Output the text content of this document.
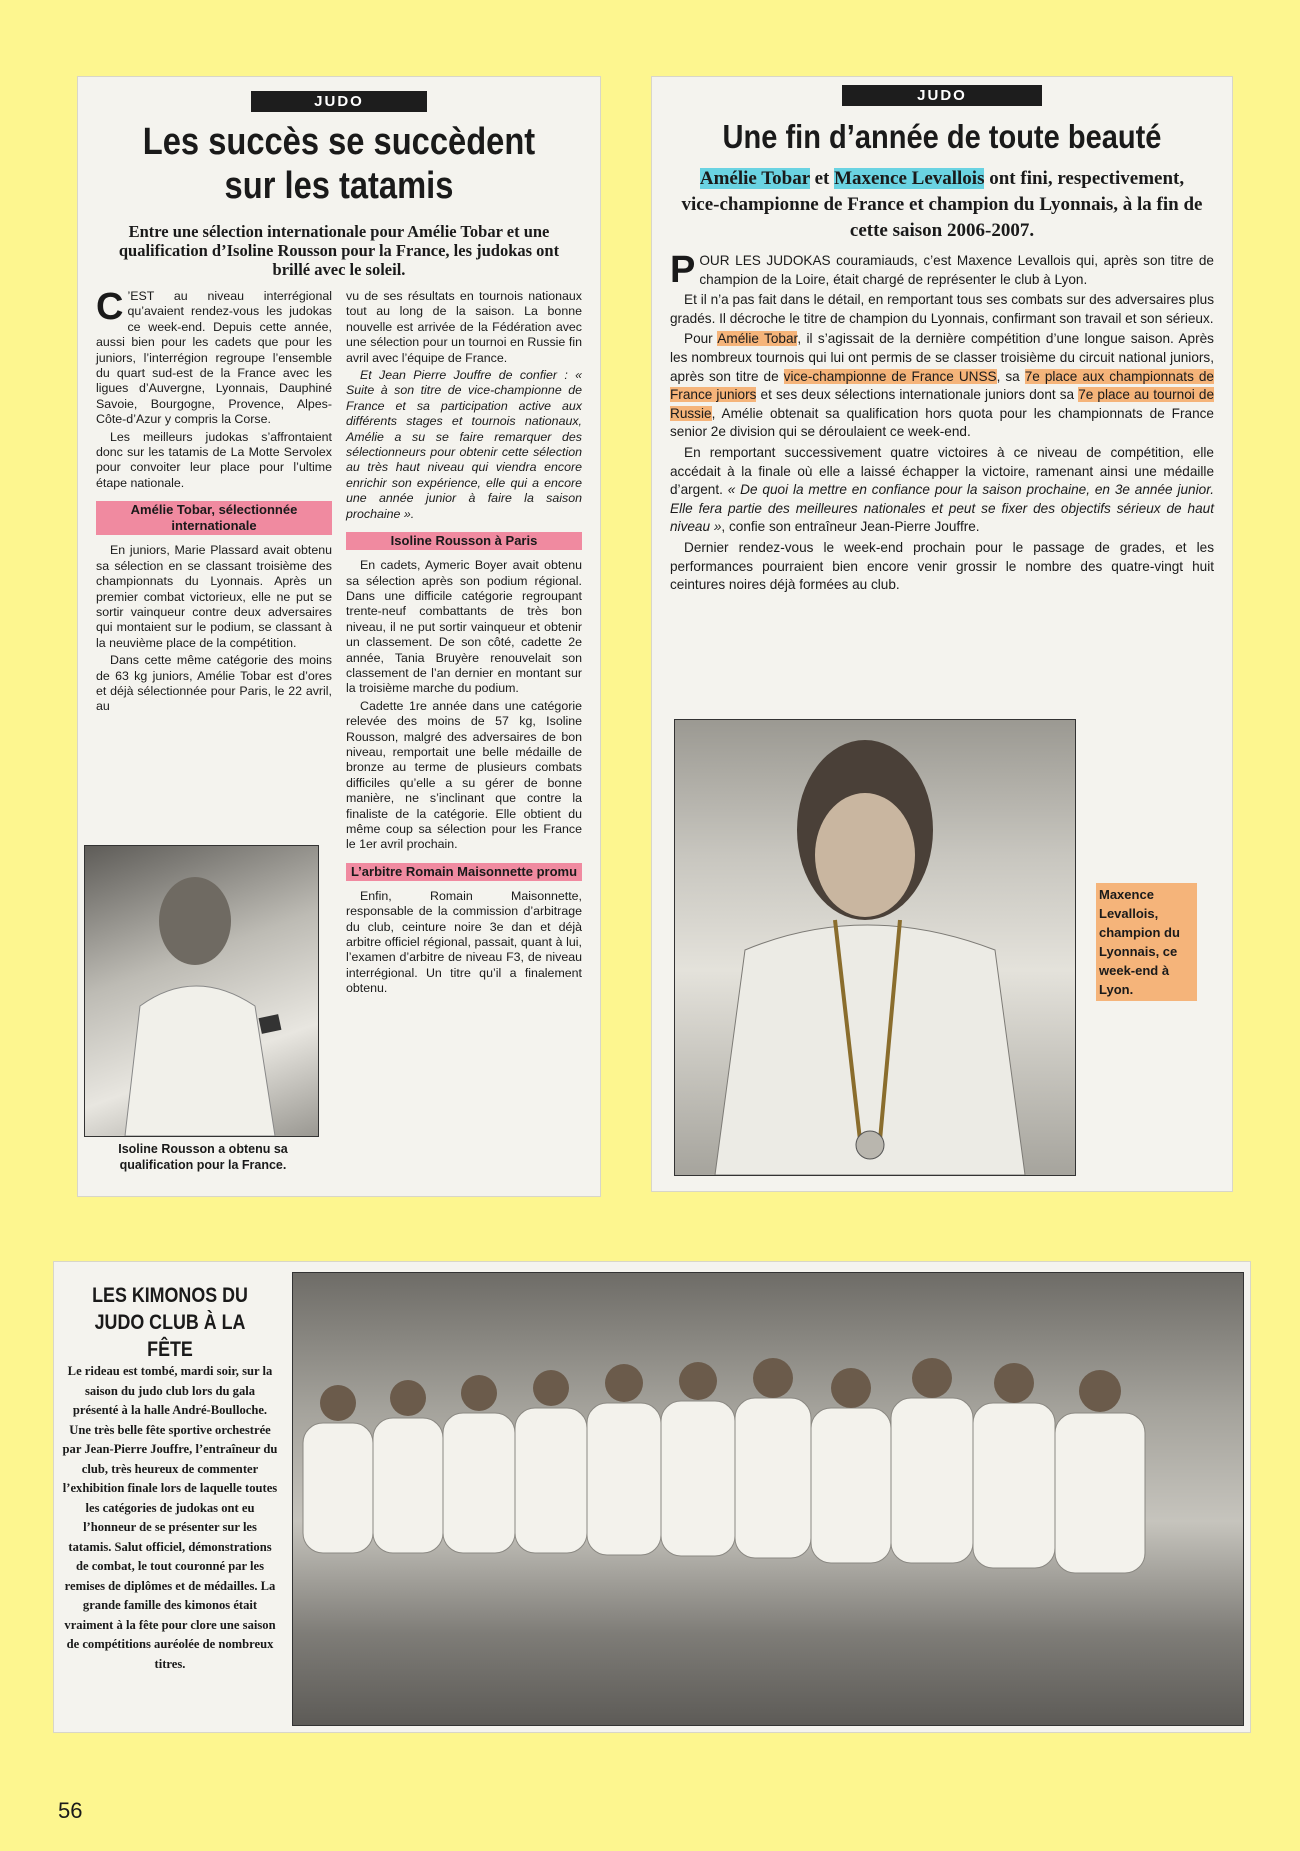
JUDO
Les succès se succèdent
sur les tatamis
Entre une sélection internationale pour Amélie Tobar et une qualification d’Isoline Rousson pour la France, les judokas ont brillé avec le soleil.

C ’EST au niveau interrégional qu’avaient rendez-vous les judokas ce week-end. Depuis cette année, aussi bien pour les cadets que pour les juniors, l’interrégion regroupe l’ensemble du quart sud-est de la France avec les ligues d’Auvergne, Lyonnais, Dauphiné Savoie, Bourgogne, Provence, Alpes-Côte-d’Azur y compris la Corse.

Les meilleurs judokas s’affrontaient donc sur les tatamis de La Motte Servolex pour convoiter leur place pour l’ultime étape nationale.

Amélie Tobar, sélectionnée internationale

En juniors, Marie Plassard avait obtenu sa sélection en se classant troisième des championnats du Lyonnais. Après un premier combat victorieux, elle ne put se sortir vainqueur contre deux adversaires qui montaient sur le podium, se classant à la neuvième place de la compétition.

Dans cette même catégorie des moins de 63 kg juniors, Amélie Tobar est d’ores et déjà sélectionnée pour Paris, le 22 avril, au

vu de ses résultats en tournois nationaux tout au long de la saison. La bonne nouvelle est arrivée de la Fédération avec une sélection pour un tournoi en Russie fin avril avec l’équipe de France.

Et Jean Pierre Jouffre de confier : « Suite à son titre de vice-championne de France et sa participation active aux différents stages et tournois nationaux, Amélie a su se faire remarquer des sélectionneurs pour obtenir cette sélection au très haut niveau qui viendra encore enrichir son expérience, elle qui a encore une année junior à faire la saison prochaine ».

Isoline Rousson à Paris

En cadets, Aymeric Boyer avait obtenu sa sélection après son podium régional. Dans une difficile catégorie regroupant trente-neuf combattants de très bon niveau, il ne put sortir vainqueur et obtenir un classement. De son côté, cadette 2e année, Tania Bruyère renouvelait son classement de l’an dernier en montant sur la troisième marche du podium.

Cadette 1re année dans une catégorie relevée des moins de 57 kg, Isoline Rousson, malgré des adversaires de bon niveau, remportait une belle médaille de bronze au terme de plusieurs combats difficiles qu’elle a su gérer de bonne manière, ne s’inclinant que contre la finaliste de la catégorie. Elle obtient du même coup sa sélection pour les France le 1er avril prochain.

L’arbitre Romain Maisonnette promu

Enfin, Romain Maisonnette, responsable de la commission d’arbitrage du club, ceinture noire 3e dan et déjà arbitre officiel régional, passait, quant à lui, l’examen d’arbitre de niveau F3, de niveau interrégional. Un titre qu’il a finalement obtenu.

Isoline Rousson a obtenu sa qualification pour la France.
JUDO
Une fin d’année de toute beauté
Amélie Tobar et Maxence Levallois ont fini, respectivement, vice-championne de France et champion du Lyonnais, à la fin de cette saison 2006-2007.

POUR LES JUDOKAS couramiauds, c’est Maxence Levallois qui, après son titre de champion de la Loire, était chargé de représenter le club à Lyon.

Et il n’a pas fait dans le détail, en remportant tous ses combats sur des adversaires plus gradés. Il décroche le titre de champion du Lyonnais, confirmant son travail et son sérieux.

Pour Amélie Tobar, il s’agissait de la dernière compétition d’une longue saison. Après les nombreux tournois qui lui ont permis de se classer troisième du circuit national juniors, après son titre de vice-championne de France UNSS, sa 7e place aux championnats de France juniors et ses deux sélections internationale juniors dont sa 7e place au tournoi de Russie, Amélie obtenait sa qualification hors quota pour les championnats de France senior 2e division qui se déroulaient ce week-end.

En remportant successivement quatre victoires à ce niveau de compétition, elle accédait à la finale où elle a laissé échapper la victoire, ramenant ainsi une médaille d’argent. « De quoi la mettre en confiance pour la saison prochaine, en 3e année junior. Elle fera partie des meilleures nationales et peut se fixer des objectifs sérieux de haut niveau », confie son entraîneur Jean-Pierre Jouffre.

Dernier rendez-vous le week-end prochain pour le passage de grades, et les performances pourraient bien encore venir grossir le nombre des quatre-vingt huit ceintures noires déjà formées au club.

Maxence Levallois, champion du Lyonnais, ce week-end à Lyon.
LES KIMONOS DU JUDO CLUB À LA FÊTE
Le rideau est tombé, mardi soir, sur la saison du judo club lors du gala présenté à la halle André-Boulloche. Une très belle fête sportive orchestrée par Jean-Pierre Jouffre, l’entraîneur du club, très heureux de commenter l’exhibition finale lors de laquelle toutes les catégories de judokas ont eu l’honneur de se présenter sur les tatamis. Salut officiel, démonstrations de combat, le tout couronné par les remises de diplômes et de médailles. La grande famille des kimonos était vraiment à la fête pour clore une saison de compétitions auréolée de nombreux titres.
56
